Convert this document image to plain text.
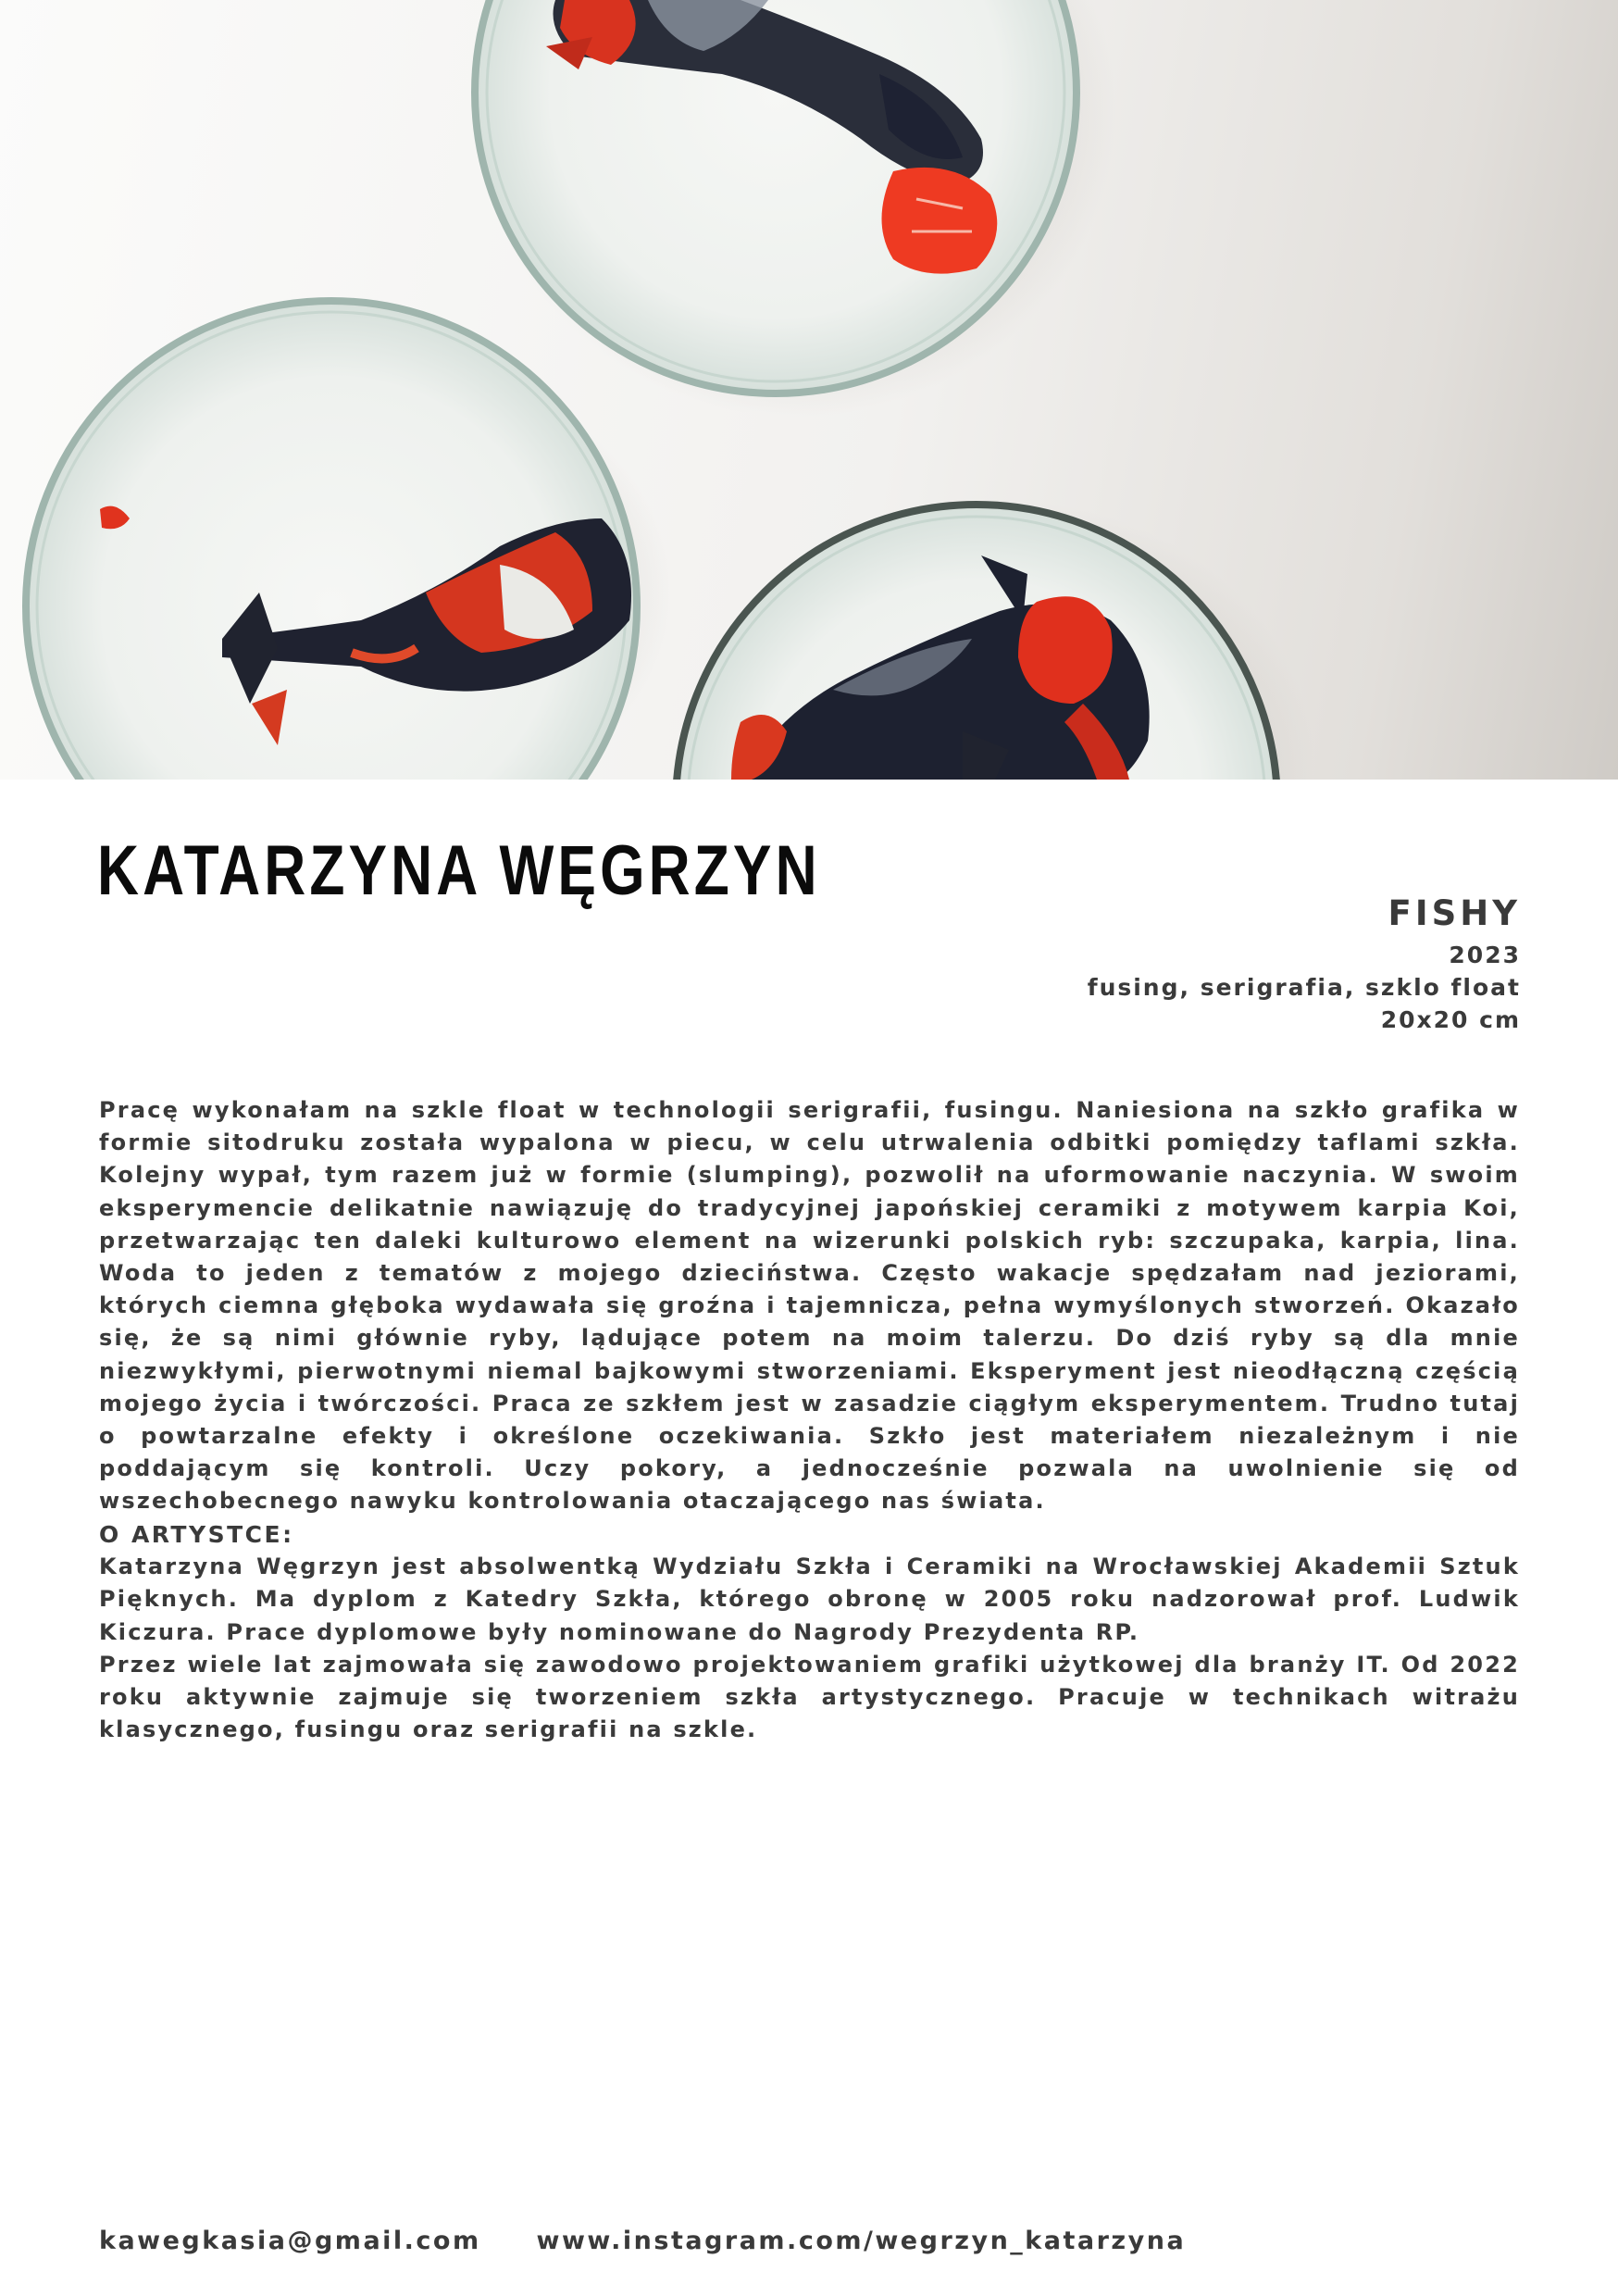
KATARZYNA WĘGRZYN
FISHY
2023
fusing, serigrafia, szklo float
20x20 cm

Pracę wykonałam na szkle float w technologii serigrafii, fusingu. Naniesiona na szkło grafika w formie sitodruku została wypalona w piecu, w celu utrwalenia odbitki pomiędzy taflami szkła. Kolejny wypał, tym razem już w formie (slumping), pozwolił na uformowanie naczynia. W swoim eksperymencie delikatnie nawiązuję do tradycyjnej japońskiej ceramiki z motywem karpia Koi, przetwarzając ten daleki kulturowo element na wizerunki polskich ryb: szczupaka, karpia, lina. Woda to jeden z tematów z mojego dzieciństwa. Często wakacje spędzałam nad jeziorami, których ciemna głęboka wydawała się groźna i tajemnicza, pełna wymyślonych stworzeń. Okazało się, że są nimi głównie ryby, lądujące potem na moim talerzu. Do dziś ryby są dla mnie niezwykłymi, pierwotnymi niemal bajkowymi stworzeniami. Eksperyment jest nieodłączną częścią mojego życia i twórczości. Praca ze szkłem jest w zasadzie ciągłym eksperymentem. Trudno tutaj o powtarzalne efekty i określone oczekiwania. Szkło jest materiałem niezależnym i nie poddającym się kontroli. Uczy pokory, a jednocześnie pozwala na uwolnienie się od wszechobecnego nawyku kontrolowania otaczającego nas świata.

O ARTYSTCE:

Katarzyna Węgrzyn jest absolwentką Wydziału Szkła i Ceramiki na Wrocławskiej Akademii Sztuk Pięknych. Ma dyplom z Katedry Szkła, którego obronę w 2005 roku nadzorował prof. Ludwik Kiczura. Prace dyplomowe były nominowane do Nagrody Prezydenta RP.

Przez wiele lat zajmowała się zawodowo projektowaniem grafiki użytkowej dla branży IT. Od 2022 roku aktywnie zajmuje się tworzeniem szkła artystycznego. Pracuje w technikach witrażu klasycznego, fusingu oraz serigrafii na szkle.

kawegkasia@gmail.com www.instagram.com/wegrzyn_katarzyna
